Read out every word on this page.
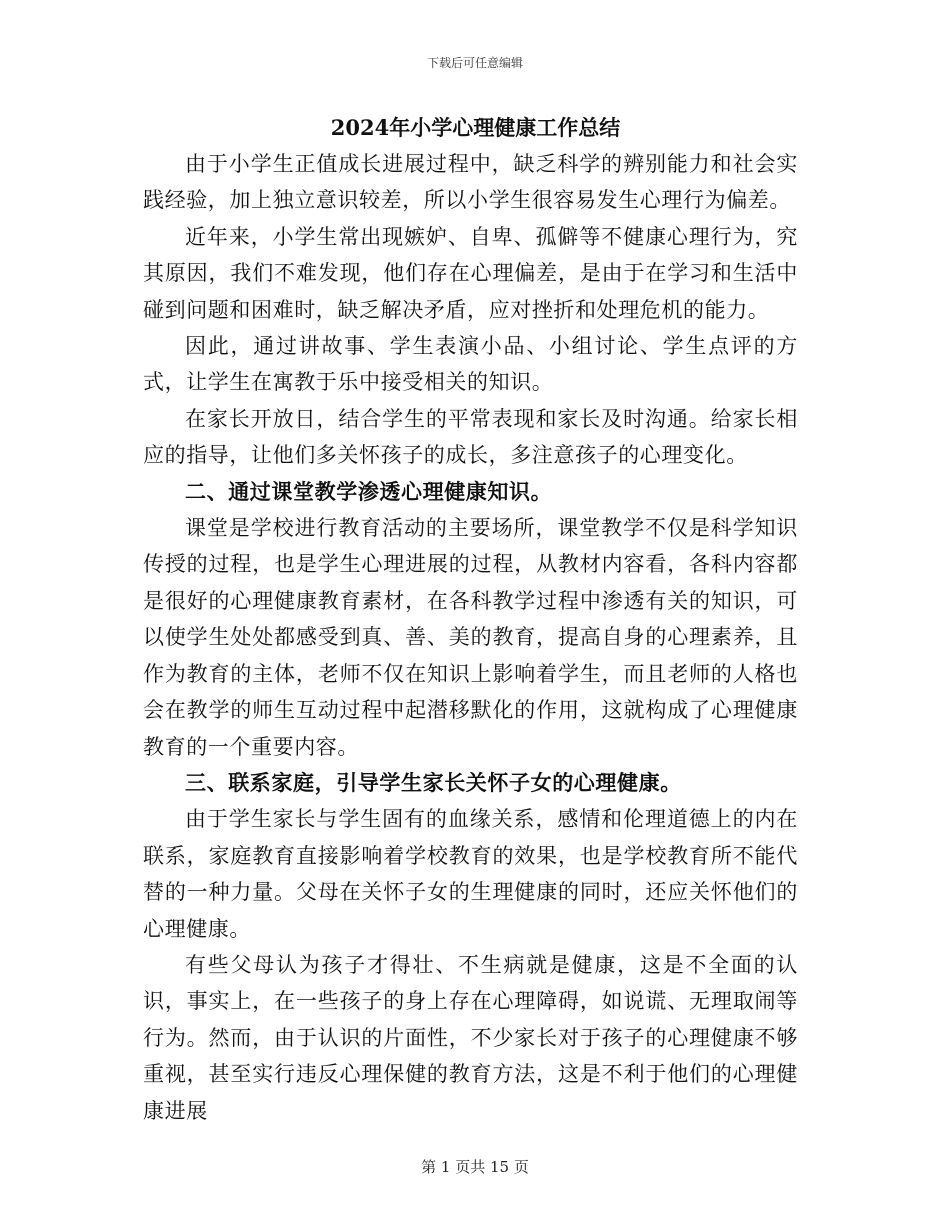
下载后可任意编辑
2024年小学心理健康工作总结

由于小学生正值成长进展过程中，缺乏科学的辨别能力和社会实践经验，加上独立意识较差，所以小学生很容易发生心理行为偏差。

近年来，小学生常出现嫉妒、自卑、孤僻等不健康心理行为，究其原因，我们不难发现，他们存在心理偏差，是由于在学习和生活中碰到问题和困难时，缺乏解决矛盾，应对挫折和处理危机的能力。

因此，通过讲故事、学生表演小品、小组讨论、学生点评的方式，让学生在寓教于乐中接受相关的知识。

在家长开放日，结合学生的平常表现和家长及时沟通。给家长相应的指导，让他们多关怀孩子的成长，多注意孩子的心理变化。

二、通过课堂教学渗透心理健康知识。

课堂是学校进行教育活动的主要场所，课堂教学不仅是科学知识传授的过程，也是学生心理进展的过程，从教材内容看，各科内容都是很好的心理健康教育素材，在各科教学过程中渗透有关的知识，可以使学生处处都感受到真、善、美的教育，提高自身的心理素养，且作为教育的主体，老师不仅在知识上影响着学生，而且老师的人格也会在教学的师生互动过程中起潜移默化的作用，这就构成了心理健康教育的一个重要内容。

三、联系家庭，引导学生家长关怀子女的心理健康。

由于学生家长与学生固有的血缘关系，感情和伦理道德上的内在联系，家庭教育直接影响着学校教育的效果，也是学校教育所不能代替的一种力量。父母在关怀子女的生理健康的同时，还应关怀他们的心理健康。

有些父母认为孩子才得壮、不生病就是健康，这是不全面的认识，事实上，在一些孩子的身上存在心理障碍，如说谎、无理取闹等行为。然而，由于认识的片面性，不少家长对于孩子的心理健康不够重视，甚至实行违反心理保健的教育方法，这是不利于他们的心理健康进展

第 1 页共 15 页
